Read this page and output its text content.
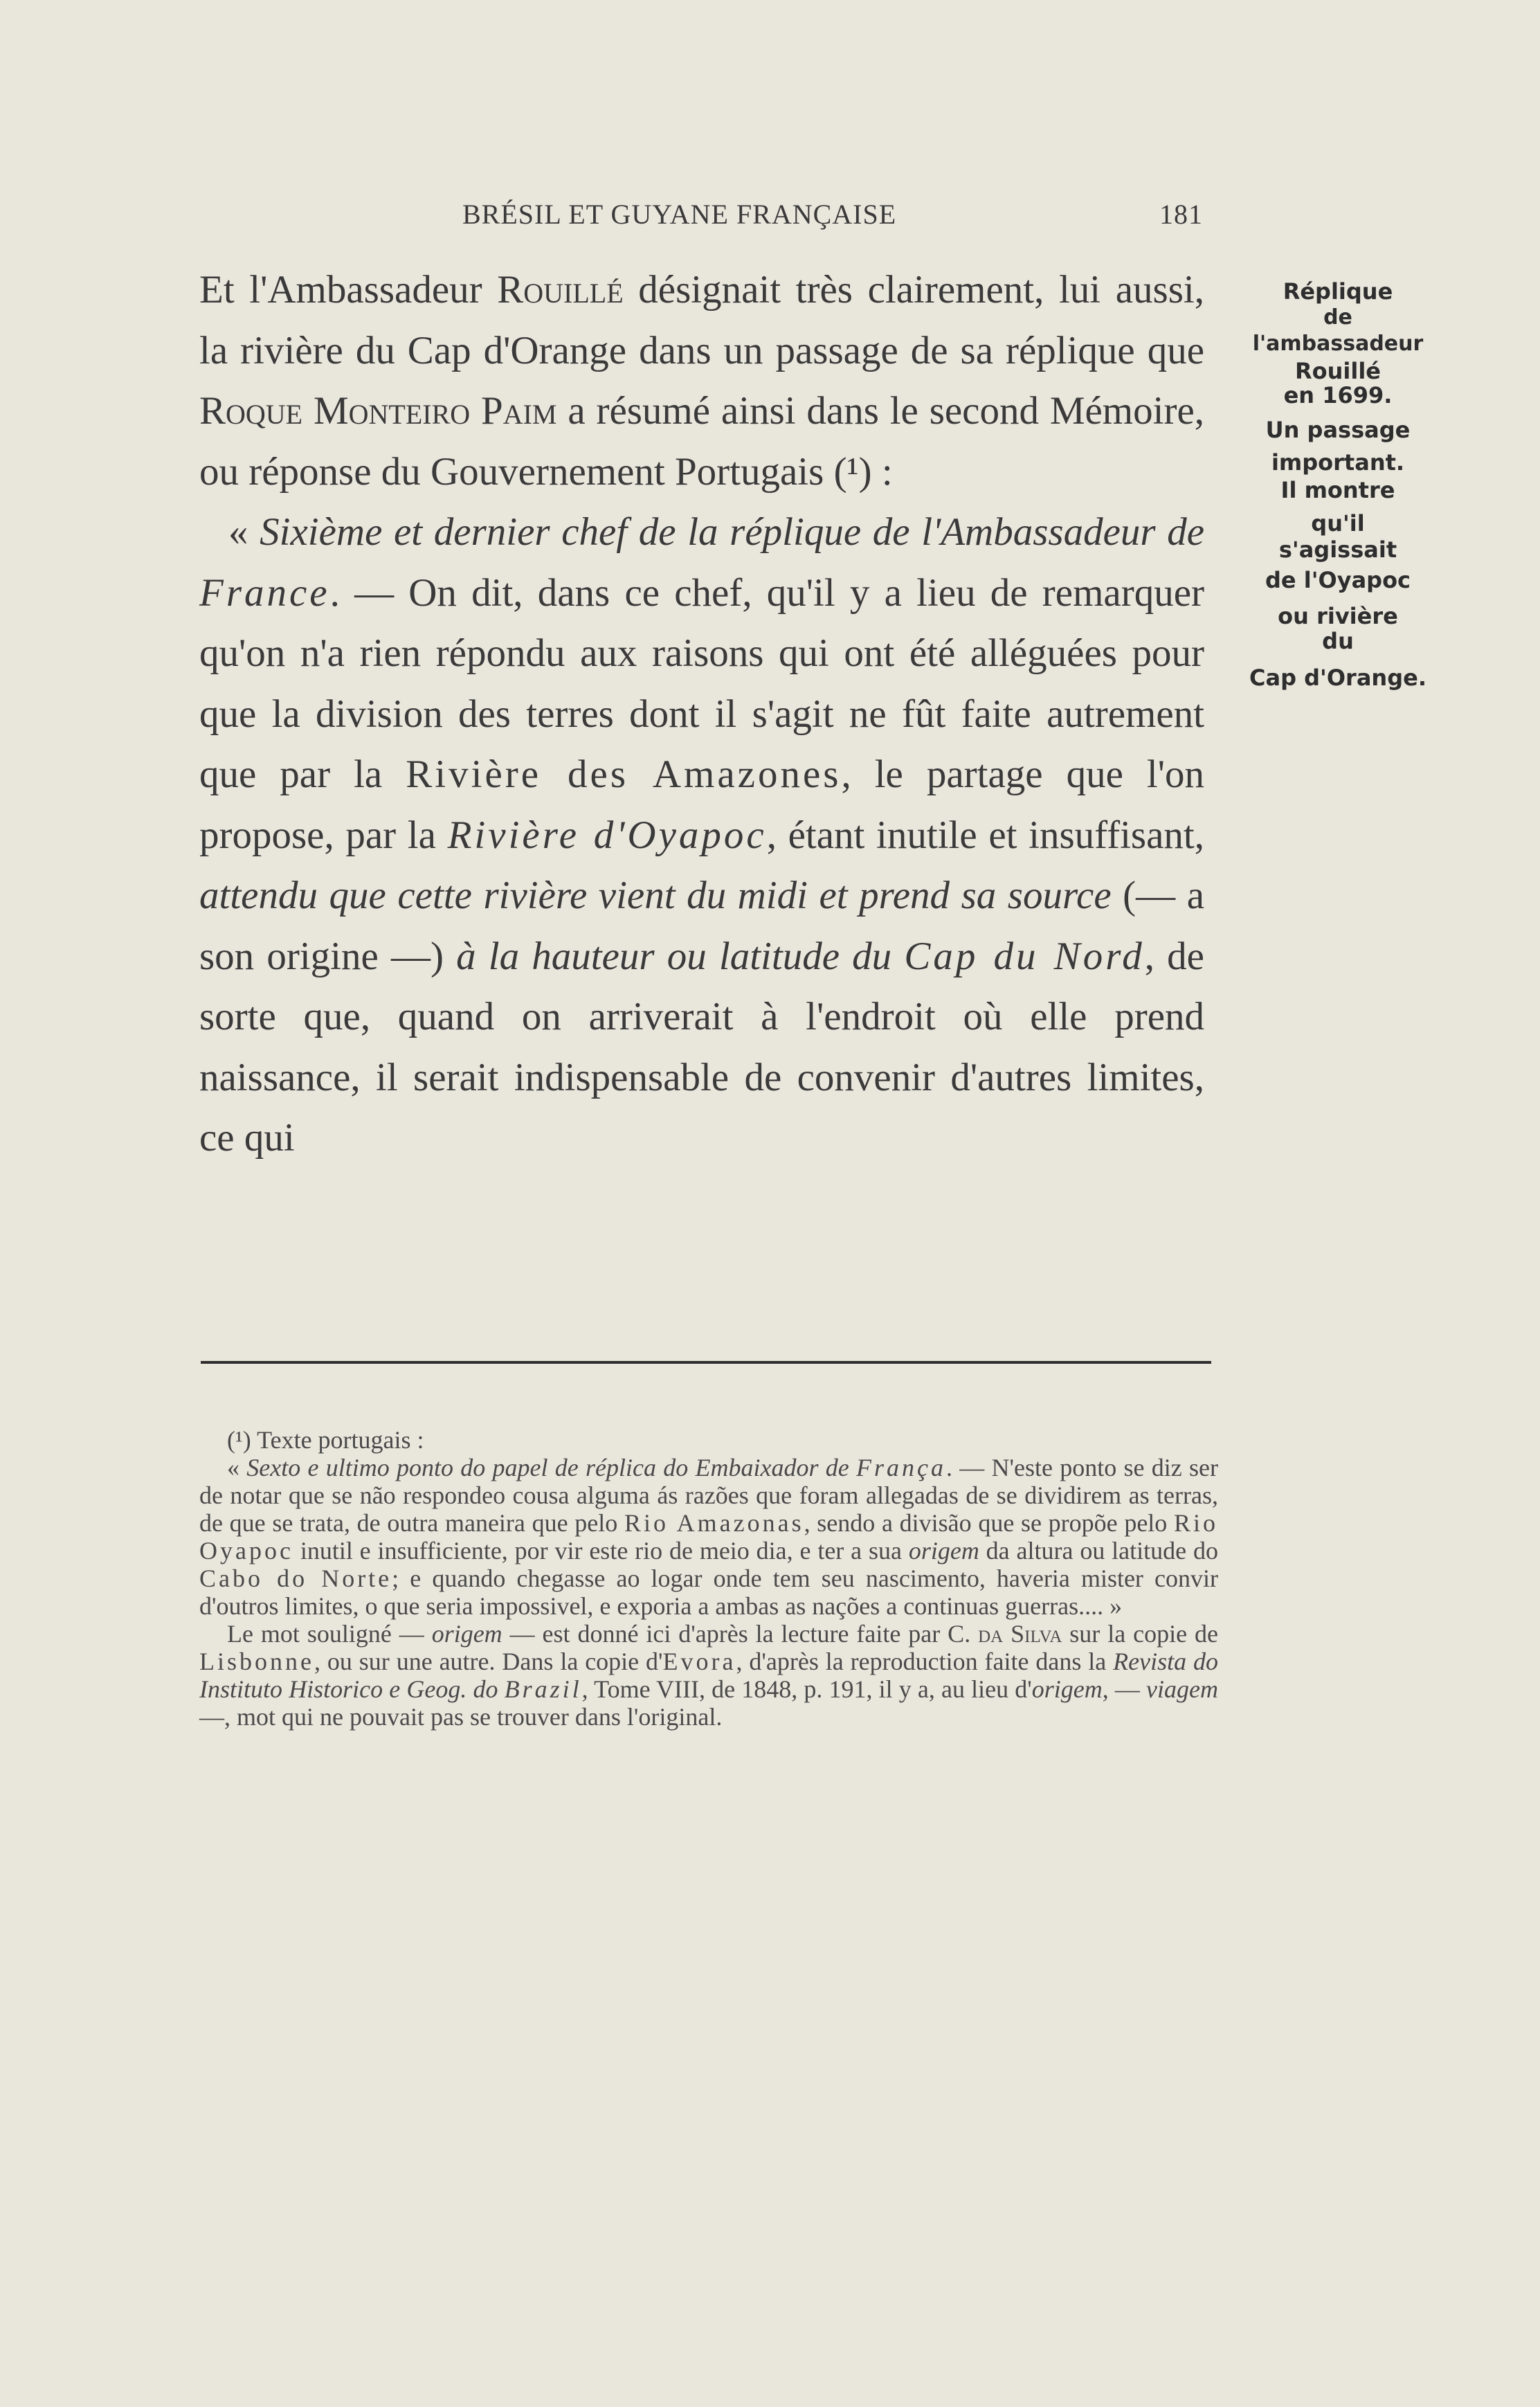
BRÉSIL ET GUYANE FRANÇAISE	181

Et l'Ambassadeur Rouillé désignait très clairement, lui aussi, la rivière du Cap d'Orange dans un passage de sa réplique que Roque Monteiro Paim a résumé ainsi dans le second Mémoire, ou réponse du Gouvernement Portugais (¹) :

« Sixième et dernier chef de la réplique de l'Ambassadeur de France. — On dit, dans ce chef, qu'il y a lieu de remarquer qu'on n'a rien répondu aux raisons qui ont été alléguées pour que la division des terres dont il s'agit ne fût faite autrement que par la Rivière des Amazones, le partage que l'on propose, par la Rivière d'Oyapoc, étant inutile et insuffisant, attendu que cette rivière vient du midi et prend sa source (— a son origine —) à la hauteur ou latitude du Cap du Nord, de sorte que, quand on arriverait à l'endroit où elle prend naissance, il serait indispensable de convenir d'autres limites, ce qui

Réplique
de
l'ambassadeur
Rouillé
en 1699.
Un passage
important.
Il montre
qu'il
s'agissait
de l'Oyapoc
ou rivière
du
Cap d'Orange.

(¹) Texte portugais :

« Sexto e ultimo ponto do papel de réplica do Embaixador de França. — N'este ponto se diz ser de notar que se não respondeo cousa alguma ás razões que foram allegadas de se dividirem as terras, de que se trata, de outra maneira que pelo Rio Amazonas, sendo a divisão que se propõe pelo Rio Oyapoc inutil e insufficiente, por vir este rio de meio dia, e ter a sua origem da altura ou latitude do Cabo do Norte; e quando chegasse ao logar onde tem seu nascimento, haveria mister convir d'outros limites, o que seria impossivel, e exporia a ambas as nações a continuas guerras.... »

Le mot souligné — origem — est donné ici d'après la lecture faite par C. da Silva sur la copie de Lisbonne, ou sur une autre. Dans la copie d'Evora, d'après la reproduction faite dans la Revista do Instituto Historico e Geog. do Brazil, Tome VIII, de 1848, p. 191, il y a, au lieu d'origem, — viagem —, mot qui ne pouvait pas se trouver dans l'original.
